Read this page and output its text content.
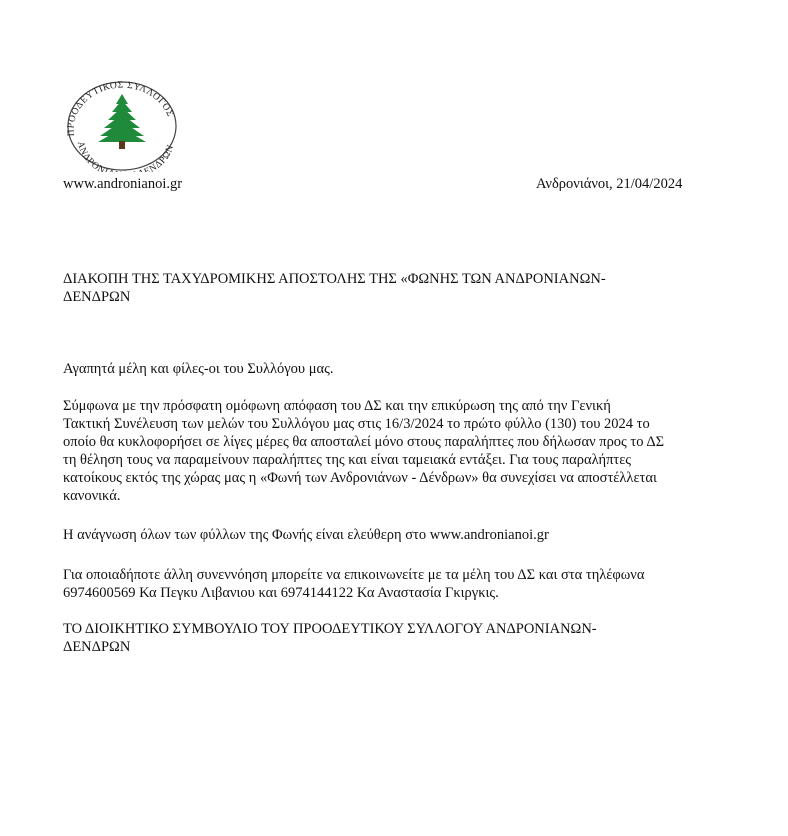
ΠΡΟΟΔΕΥΤΙΚΟΣ ΣΥΛΛΟΓΟΣ
ΑΝΔΡΟΝ ΕΝΔΡΩΝ
www.andronianoi.gr	Ανδρονιάνοι, 21/04/2024
ΔΙΑΚΟΠΗ ΤΗΣ ΤΑΧΥΔΡΟΜΙΚΗΣ ΑΠΟΣΤΟΛΗΣ ΤΗΣ «ΦΩΝΗΣ ΤΩΝ ΑΝΔΡΟΝΙΑΝΩΝ-
ΔΕΝΔΡΩΝ
Αγαπητά μέλη και φίλες-οι του Συλλόγου μας.
Σύμφωνα με την πρόσφατη ομόφωνη απόφαση του ΔΣ και την επικύρωση της από την Γενική
Τακτική Συνέλευση των μελών του Συλλόγου μας στις 16/3/2024 το πρώτο φύλλο (130) του 2024 το
οποίο θα κυκλοφορήσει σε λίγες μέρες θα αποσταλεί μόνο στους παραλήπτες που δήλωσαν προς το ΔΣ
τη θέληση τους να παραμείνουν παραλήπτες της και είναι ταμειακά εντάξει. Για τους παραλήπτες
κατοίκους εκτός της χώρας μας η «Φωνή των Ανδρονιάνων - Δένδρων» θα συνεχίσει να αποστέλλεται
κανονικά.
Η ανάγνωση όλων των φύλλων της Φωνής είναι ελεύθερη στο www.andronianoi.gr
Για οποιαδήποτε άλλη συνεννόηση μπορείτε να επικοινωνείτε με τα μέλη του ΔΣ και στα τηλέφωνα
6974600569 Κα Πεγκυ Λιβανιου και 6974144122 Κα Αναστασία Γκιργκις.
ΤΟ ΔΙΟΙΚΗΤΙΚΟ ΣΥΜΒΟΥΛΙΟ ΤΟΥ ΠΡΟΟΔΕΥΤΙΚΟΥ ΣΥΛΛΟΓΟΥ ΑΝΔΡΟΝΙΑΝΩΝ-
ΔΕΝΔΡΩΝ
